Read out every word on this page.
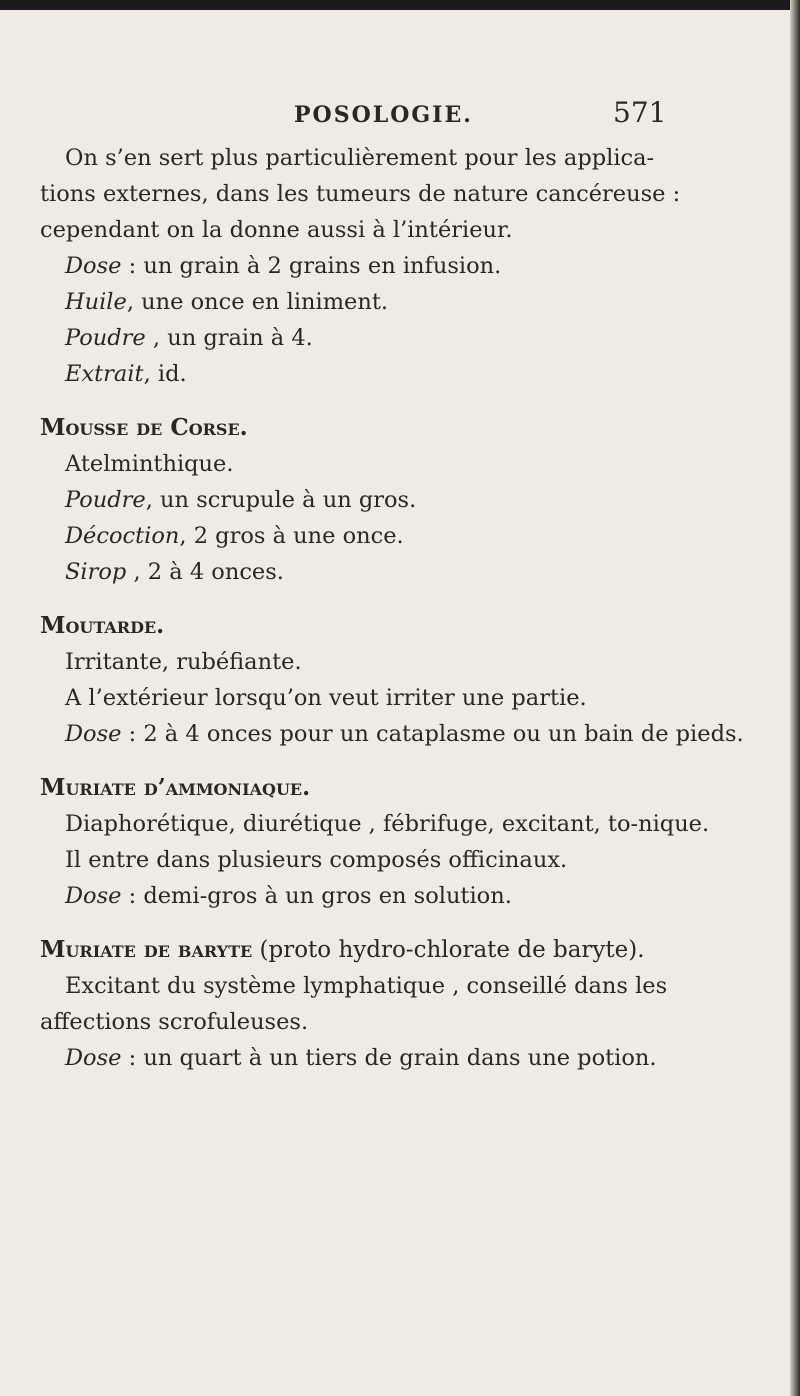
POSOLOGIE.	571

On s’en sert plus particulièrement pour les applica-

tions externes, dans les tumeurs de nature cancéreuse :

cependant on la donne aussi à l’intérieur.

Dose : un grain à 2 grains en infusion.

Huile, une once en liniment.

Poudre , un grain à 4.

Extrait, id.

Mousse de Corse.

Atelminthique.

Poudre, un scrupule à un gros.

Décoction, 2 gros à une once.

Sirop , 2 à 4 onces.

Moutarde.

Irritante, rubéfiante.

A l’extérieur lorsqu’on veut irriter une partie.

Dose : 2 à 4 onces pour un cataplasme ou un bain de pieds.

Muriate d’ammoniaque.

Diaphorétique, diurétique , fébrifuge, excitant, to-nique.

Il entre dans plusieurs composés officinaux.

Dose : demi-gros à un gros en solution.

Muriate de baryte (proto hydro-chlorate de baryte).

Excitant du système lymphatique , conseillé dans les affections scrofuleuses.

Dose : un quart à un tiers de grain dans une potion.
